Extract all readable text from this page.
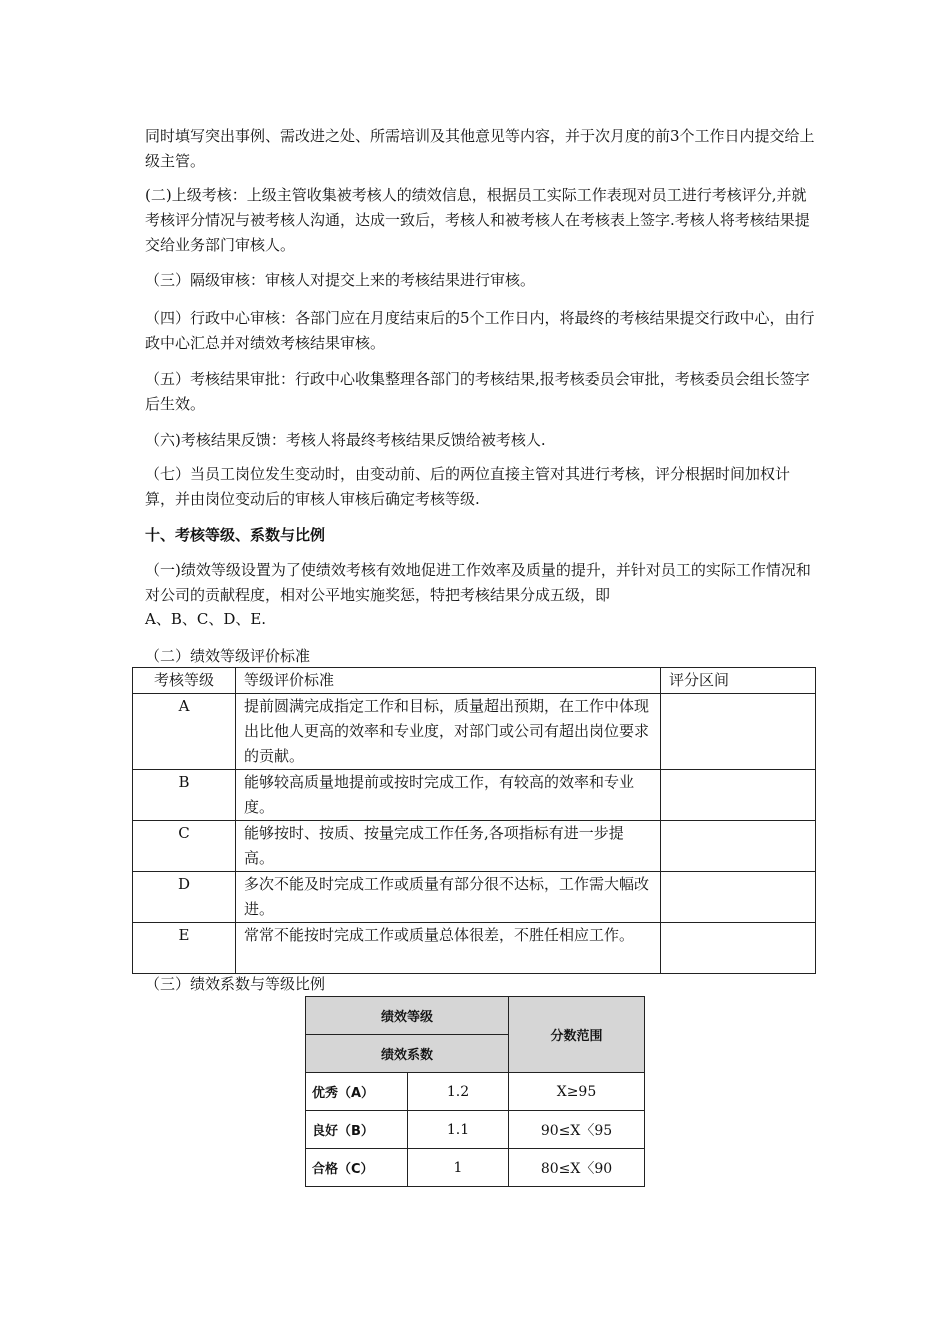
同时填写突出事例、需改进之处、所需培训及其他意见等内容，并于次月度的前3个工作日内提交给上级主管。

(二)上级考核：上级主管收集被考核人的绩效信息，根据员工实际工作表现对员工进行考核评分,并就考核评分情况与被考核人沟通，达成一致后，考核人和被考核人在考核表上签字.考核人将考核结果提交给业务部门审核人。

（三）隔级审核：审核人对提交上来的考核结果进行审核。

（四）行政中心审核：各部门应在月度结束后的5个工作日内，将最终的考核结果提交行政中心，由行政中心汇总并对绩效考核结果审核。

（五）考核结果审批：行政中心收集整理各部门的考核结果,报考核委员会审批，考核委员会组长签字后生效。

（六)考核结果反馈：考核人将最终考核结果反馈给被考核人.

（七）当员工岗位发生变动时，由变动前、后的两位直接主管对其进行考核，评分根据时间加权计算，并由岗位变动后的审核人审核后确定考核等级.

十、考核等级、系数与比例

（一)绩效等级设置为了使绩效考核有效地促进工作效率及质量的提升，并针对员工的实际工作情况和对公司的贡献程度，相对公平地实施奖惩，特把考核结果分成五级，即

A、B、C、D、E.

（二）绩效等级评价标准

考核等级	等级评价标准	评分区间
A	提前圆满完成指定工作和目标，质量超出预期，在工作中体现出比他人更高的效率和专业度，对部门或公司有超出岗位要求的贡献。	
B	能够较高质量地提前或按时完成工作，有较高的效率和专业度。	
C	能够按时、按质、按量完成工作任务,各项指标有进一步提高。	
D	多次不能及时完成工作或质量有部分很不达标，工作需大幅改进。	
E	常常不能按时完成工作或质量总体很差，不胜任相应工作。	

（三）绩效系数与等级比例

绩效等级		分数范围
绩效系数		
优秀（A）	1.2	X≥95
良好（B）	1.1	90≤X〈95
合格（C）	1	80≤X〈90
